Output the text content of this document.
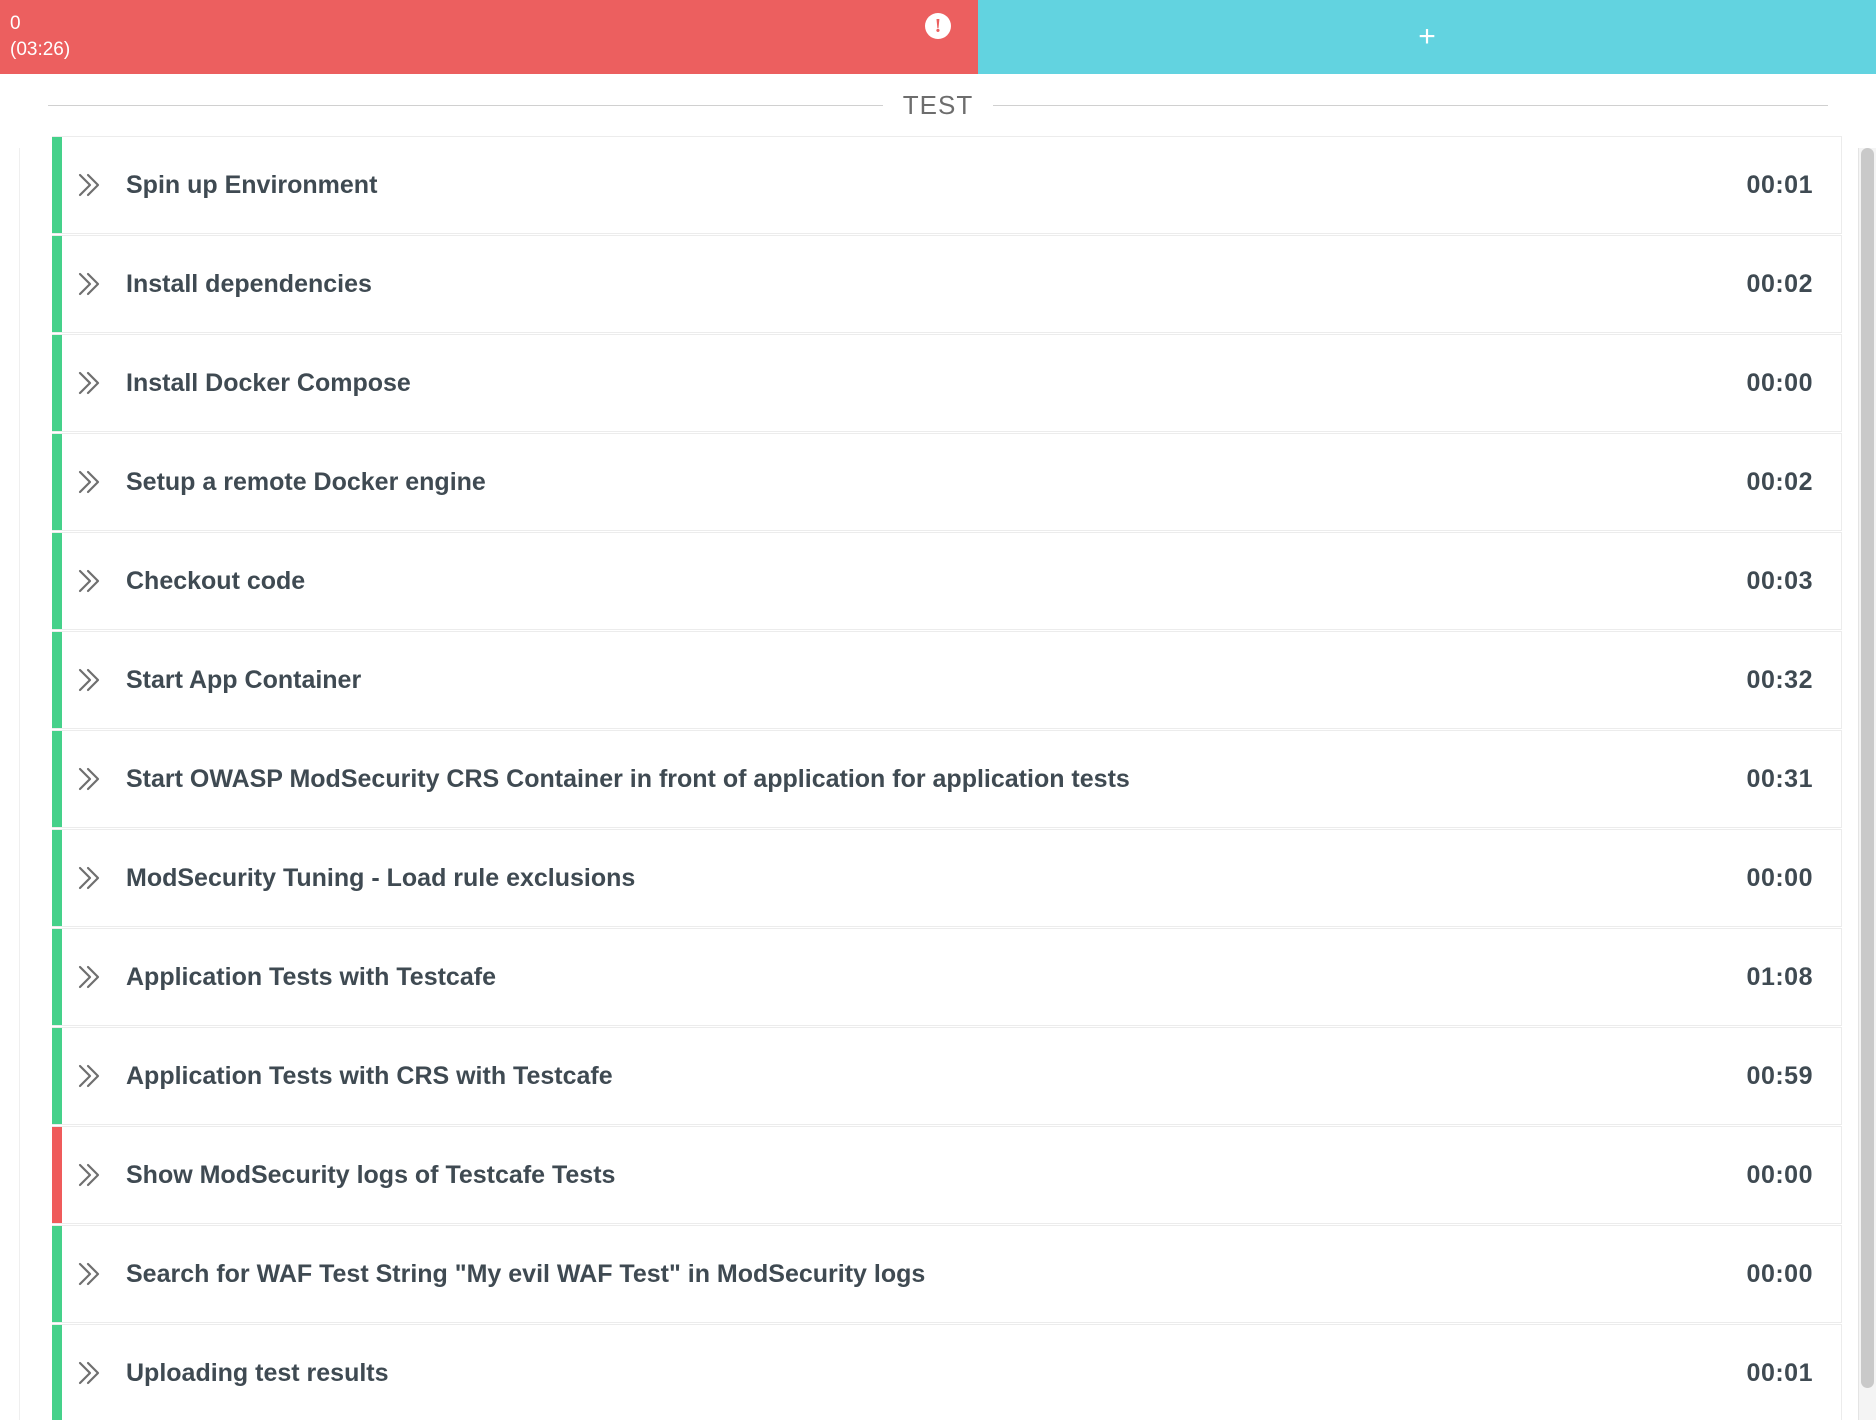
0
(03:26)
!	+
TEST
Spin up Environment	00:01
Install dependencies	00:02
Install Docker Compose	00:00
Setup a remote Docker engine	00:02
Checkout code	00:03
Start App Container	00:32
Start OWASP ModSecurity CRS Container in front of application for application tests	00:31
ModSecurity Tuning - Load rule exclusions	00:00
Application Tests with Testcafe	01:08
Application Tests with CRS with Testcafe	00:59
Show ModSecurity logs of Testcafe Tests	00:00
Search for WAF Test String "My evil WAF Test" in ModSecurity logs	00:00
Uploading test results	00:01
